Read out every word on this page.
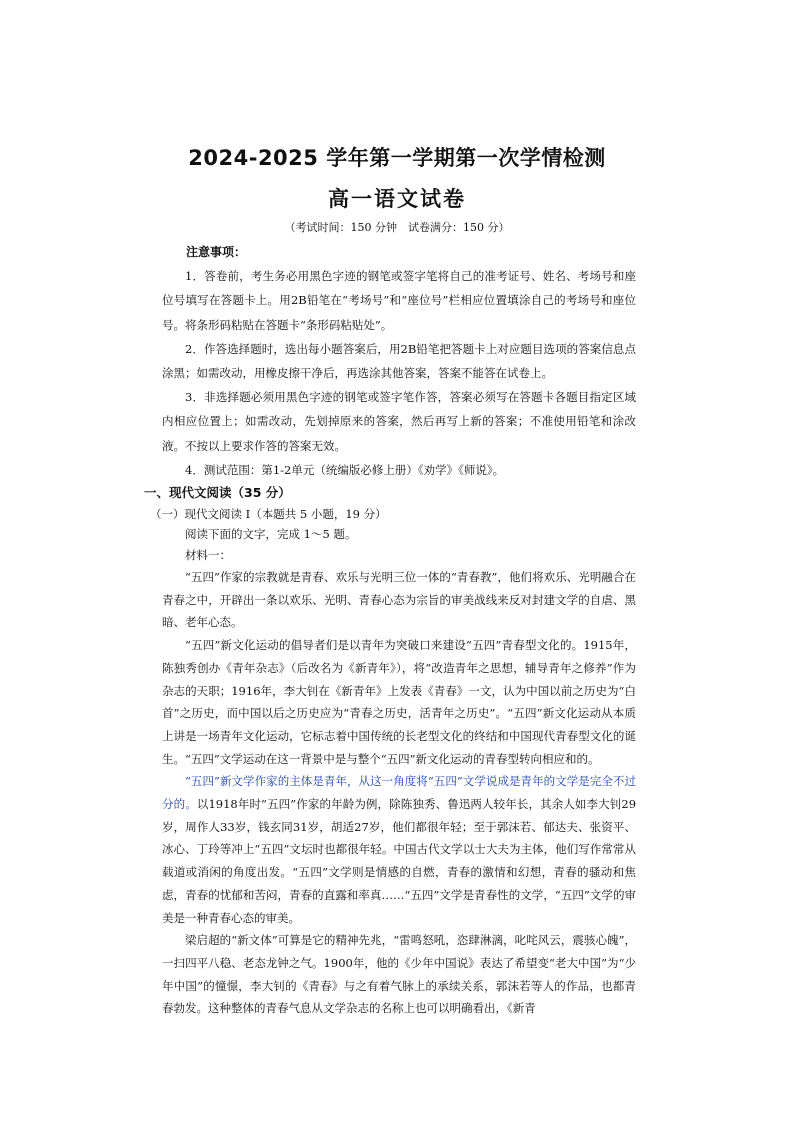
2024-2025 学年第一学期第一次学情检测
高一语文试卷
（考试时间：150 分钟　试卷满分：150 分）

注意事项：

1．答卷前，考生务必用黑色字迹的钢笔或签字笔将自己的准考证号、姓名、考场号和座位号填写在答题卡上。用2B铅笔在“考场号”和“座位号”栏相应位置填涂自己的考场号和座位号。将条形码粘贴在答题卡“条形码粘贴处”。

2．作答选择题时，选出每小题答案后，用2B铅笔把答题卡上对应题目选项的答案信息点涂黑；如需改动，用橡皮擦干净后，再选涂其他答案，答案不能答在试卷上。

3．非选择题必须用黑色字迹的钢笔或签字笔作答，答案必须写在答题卡各题目指定区域内相应位置上；如需改动，先划掉原来的答案，然后再写上新的答案；不准使用铅笔和涂改液。不按以上要求作答的答案无效。

4．测试范围：第1-2单元（统编版必修上册）《劝学》《师说》。

一、现代文阅读（35 分）

（一）现代文阅读 I（本题共 5 小题，19 分）

阅读下面的文字，完成 1～5 题。

材料一：

“五四”作家的宗教就是青春、欢乐与光明三位一体的“青春教”，他们将欢乐、光明融合在青春之中，开辟出一条以欢乐、光明、青春心态为宗旨的审美战线来反对封建文学的自虐、黑暗、老年心态。

“五四”新文化运动的倡导者们是以青年为突破口来建设“五四”青春型文化的。1915年，陈独秀创办《青年杂志》（后改名为《新青年》），将“改造青年之思想，辅导青年之修养”作为杂志的天职；1916年，李大钊在《新青年》上发表《青春》一文，认为中国以前之历史为“白首”之历史，而中国以后之历史应为“青春之历史，活青年之历史”。“五四”新文化运动从本质上讲是一场青年文化运动，它标志着中国传统的长老型文化的终结和中国现代青春型文化的诞生。“五四”文学运动在这一背景中是与整个“五四”新文化运动的青春型转向相应和的。

“五四”新文学作家的主体是青年，从这一角度将“五四”文学说成是青年的文学是完全不过分的。以1918年时“五四”作家的年龄为例，除陈独秀、鲁迅两人较年长，其余人如李大钊29岁，周作人33岁，钱玄同31岁，胡适27岁，他们都很年轻；至于郭沫若、郁达夫、张资平、冰心、丁玲等冲上“五四”文坛时也都很年轻。中国古代文学以士大夫为主体，他们写作常常从载道或消闲的角度出发。“五四”文学则是情感的自燃，青春的激情和幻想，青春的骚动和焦虑，青春的忧郁和苦闷，青春的直露和率真……“五四”文学是青春性的文学，“五四”文学的审美是一种青春心态的审美。

梁启超的“新文体”可算是它的精神先兆，“雷鸣怒吼，恣肆淋漓，叱咤风云，震骇心魄”，一扫四平八稳、老态龙钟之气。1900年，他的《少年中国说》表达了希望变“老大中国”为“少年中国”的憧憬，李大钊的《青春》与之有着气脉上的承续关系，郭沫若等人的作品，也都青春勃发。这种整体的青春气息从文学杂志的名称上也可以明确看出，《新青
